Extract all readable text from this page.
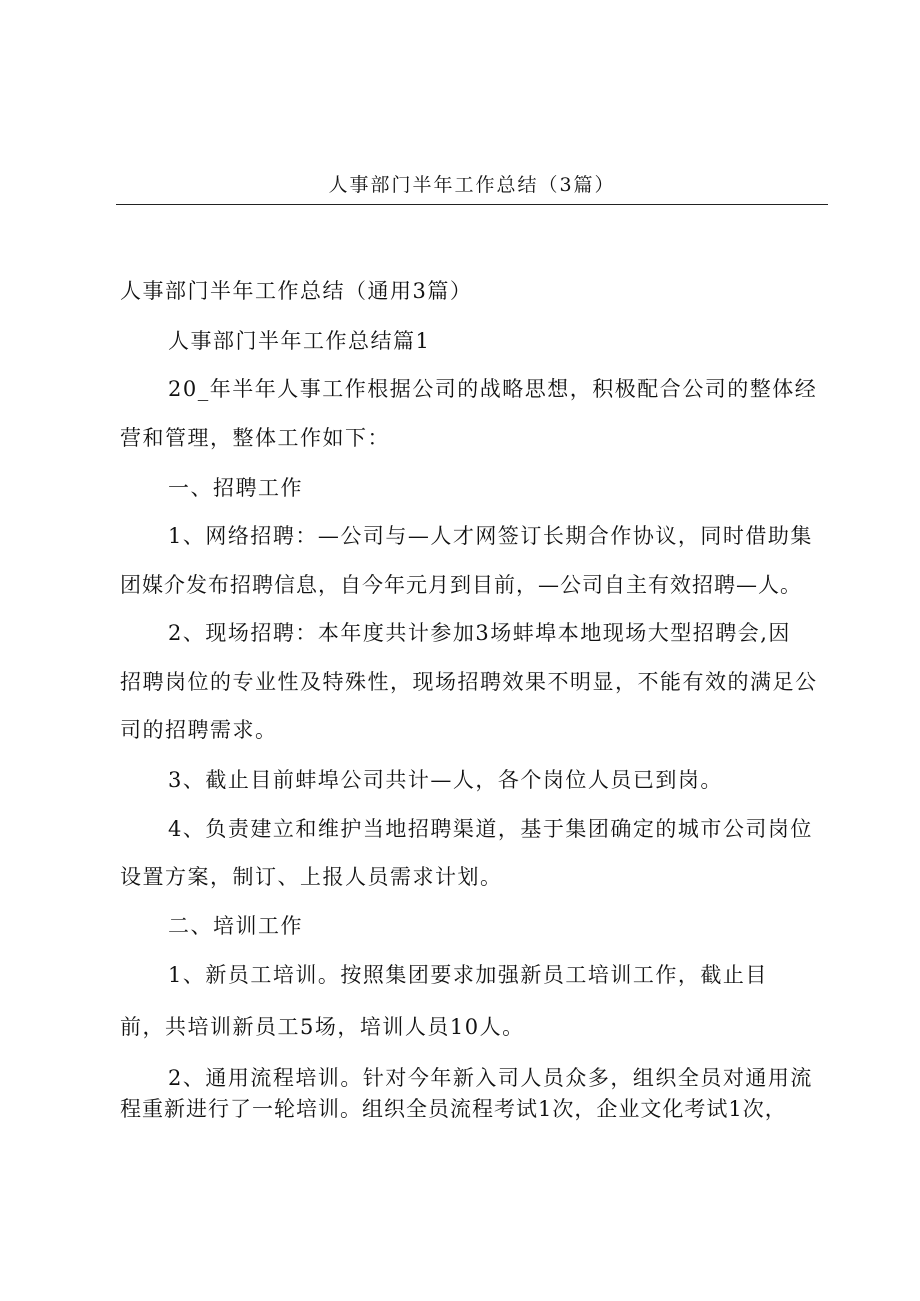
人事部门半年工作总结（3篇）
人事部门半年工作总结（通用3篇）
人事部门半年工作总结篇1
20_年半年人事工作根据公司的战略思想，积极配合公司的整体经
营和管理，整体工作如下：
一、招聘工作
1、网络招聘：—公司与—人才网签订长期合作协议，同时借助集
团媒介发布招聘信息，自今年元月到目前，—公司自主有效招聘—人。
2、现场招聘：本年度共计参加3场蚌埠本地现场大型招聘会,因
招聘岗位的专业性及特殊性，现场招聘效果不明显，不能有效的满足公
司的招聘需求。
3、截止目前蚌埠公司共计—人，各个岗位人员已到岗。
4、负责建立和维护当地招聘渠道，基于集团确定的城市公司岗位
设置方案，制订、上报人员需求计划。
二、培训工作
1、新员工培训。按照集团要求加强新员工培训工作，截止目
前，共培训新员工5场，培训人员10人。
2、通用流程培训。针对今年新入司人员众多，组织全员对通用流
程重新进行了一轮培训。组织全员流程考试1次，企业文化考试1次，
